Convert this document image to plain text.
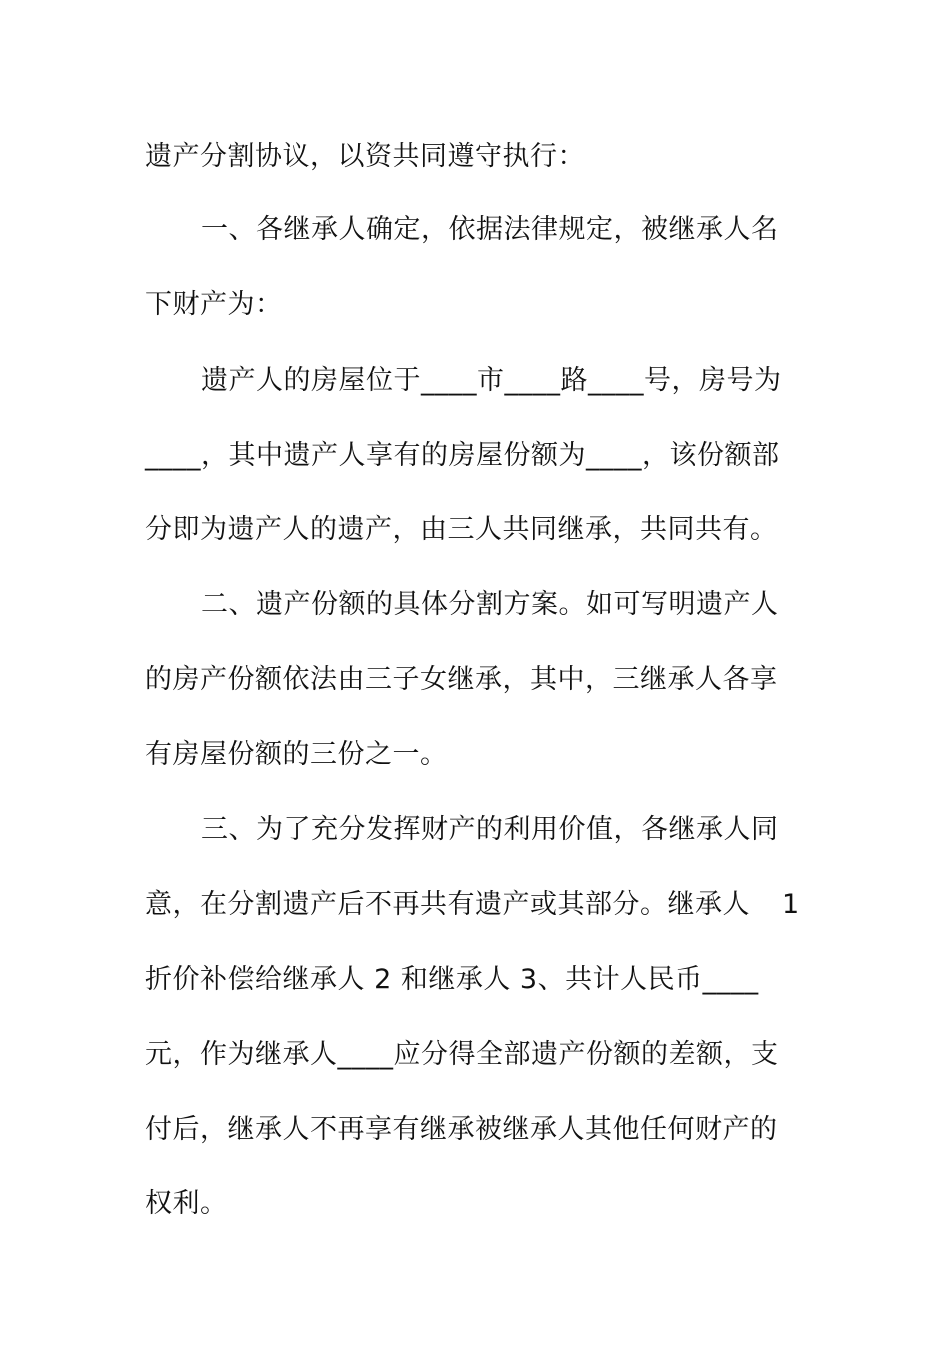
遗产分割协议，以资共同遵守执行：
一、各继承人确定，依据法律规定，被继承人名
下财产为：
遗产人的房屋位于____市____路____号，房号为
____，其中遗产人享有的房屋份额为____，该份额部
分即为遗产人的遗产，由三人共同继承，共同共有。
二、遗产份额的具体分割方案。如可写明遗产人
的房产份额依法由三子女继承，其中，三继承人各享
有房屋份额的三份之一。
三、为了充分发挥财产的利用价值，各继承人同
意，在分割遗产后不再共有遗产或其部分。继承人 1
折价补偿给继承人 2 和继承人 3、共计人民币____
元，作为继承人____应分得全部遗产份额的差额，支
付后，继承人不再享有继承被继承人其他任何财产的
权利。
